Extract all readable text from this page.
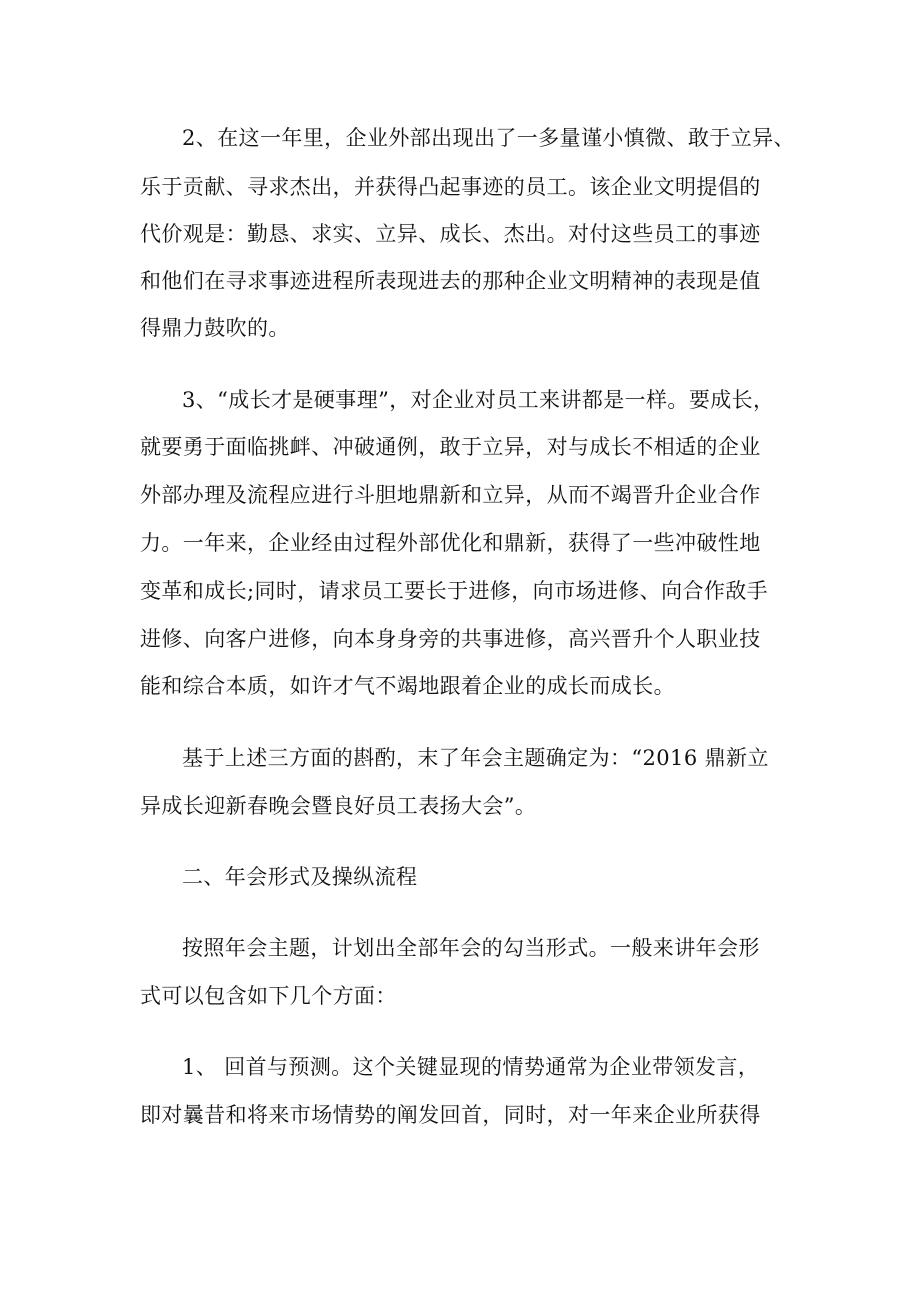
2、在这一年里，企业外部出现出了一多量谨小慎微、敢于立异、
乐于贡献、寻求杰出，并获得凸起事迹的员工。该企业文明提倡的
代价观是：勤恳、求实、立异、成长、杰出。对付这些员工的事迹
和他们在寻求事迹进程所表现进去的那种企业文明精神的表现是值
得鼎力鼓吹的。
3、“成长才是硬事理”，对企业对员工来讲都是一样。要成长，
就要勇于面临挑衅、冲破通例，敢于立异，对与成长不相适的企业
外部办理及流程应进行斗胆地鼎新和立异，从而不竭晋升企业合作
力。一年来，企业经由过程外部优化和鼎新，获得了一些冲破性地
变革和成长;同时，请求员工要长于进修，向市场进修、向合作敌手
进修、向客户进修，向本身身旁的共事进修，高兴晋升个人职业技
能和综合本质，如许才气不竭地跟着企业的成长而成长。
基于上述三方面的斟酌，末了年会主题确定为：“2016 鼎新立
异成长迎新春晚会暨良好员工表扬大会”。
二、年会形式及操纵流程
按照年会主题，计划出全部年会的勾当形式。一般来讲年会形
式可以包含如下几个方面：
1、 回首与预测。这个关键显现的情势通常为企业带领发言，
即对曩昔和将来市场情势的阐发回首，同时，对一年来企业所获得
